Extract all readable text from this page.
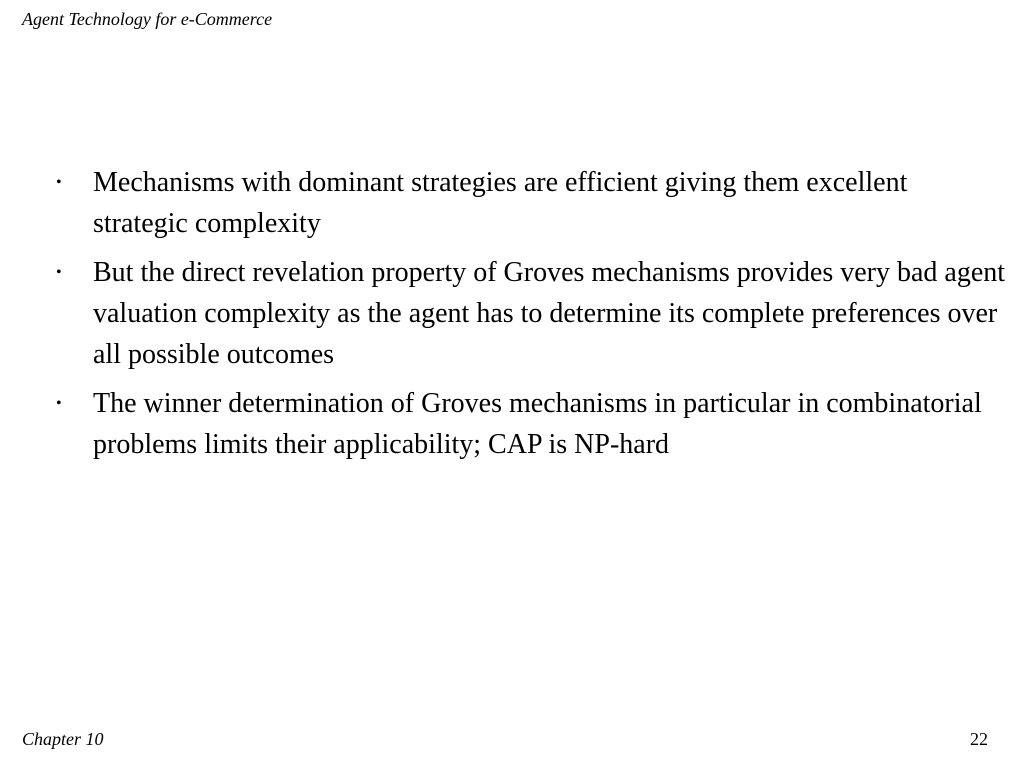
Agent Technology for e-Commerce
• Mechanisms with dominant strategies are efficient giving them excellent strategic complexity
• But the direct revelation property of Groves mechanisms provides very bad agent valuation complexity as the agent has to determine its complete preferences over all possible outcomes
• The winner determination of Groves mechanisms in particular in combinatorial problems limits their applicability; CAP is NP-hard
Chapter 10	22
